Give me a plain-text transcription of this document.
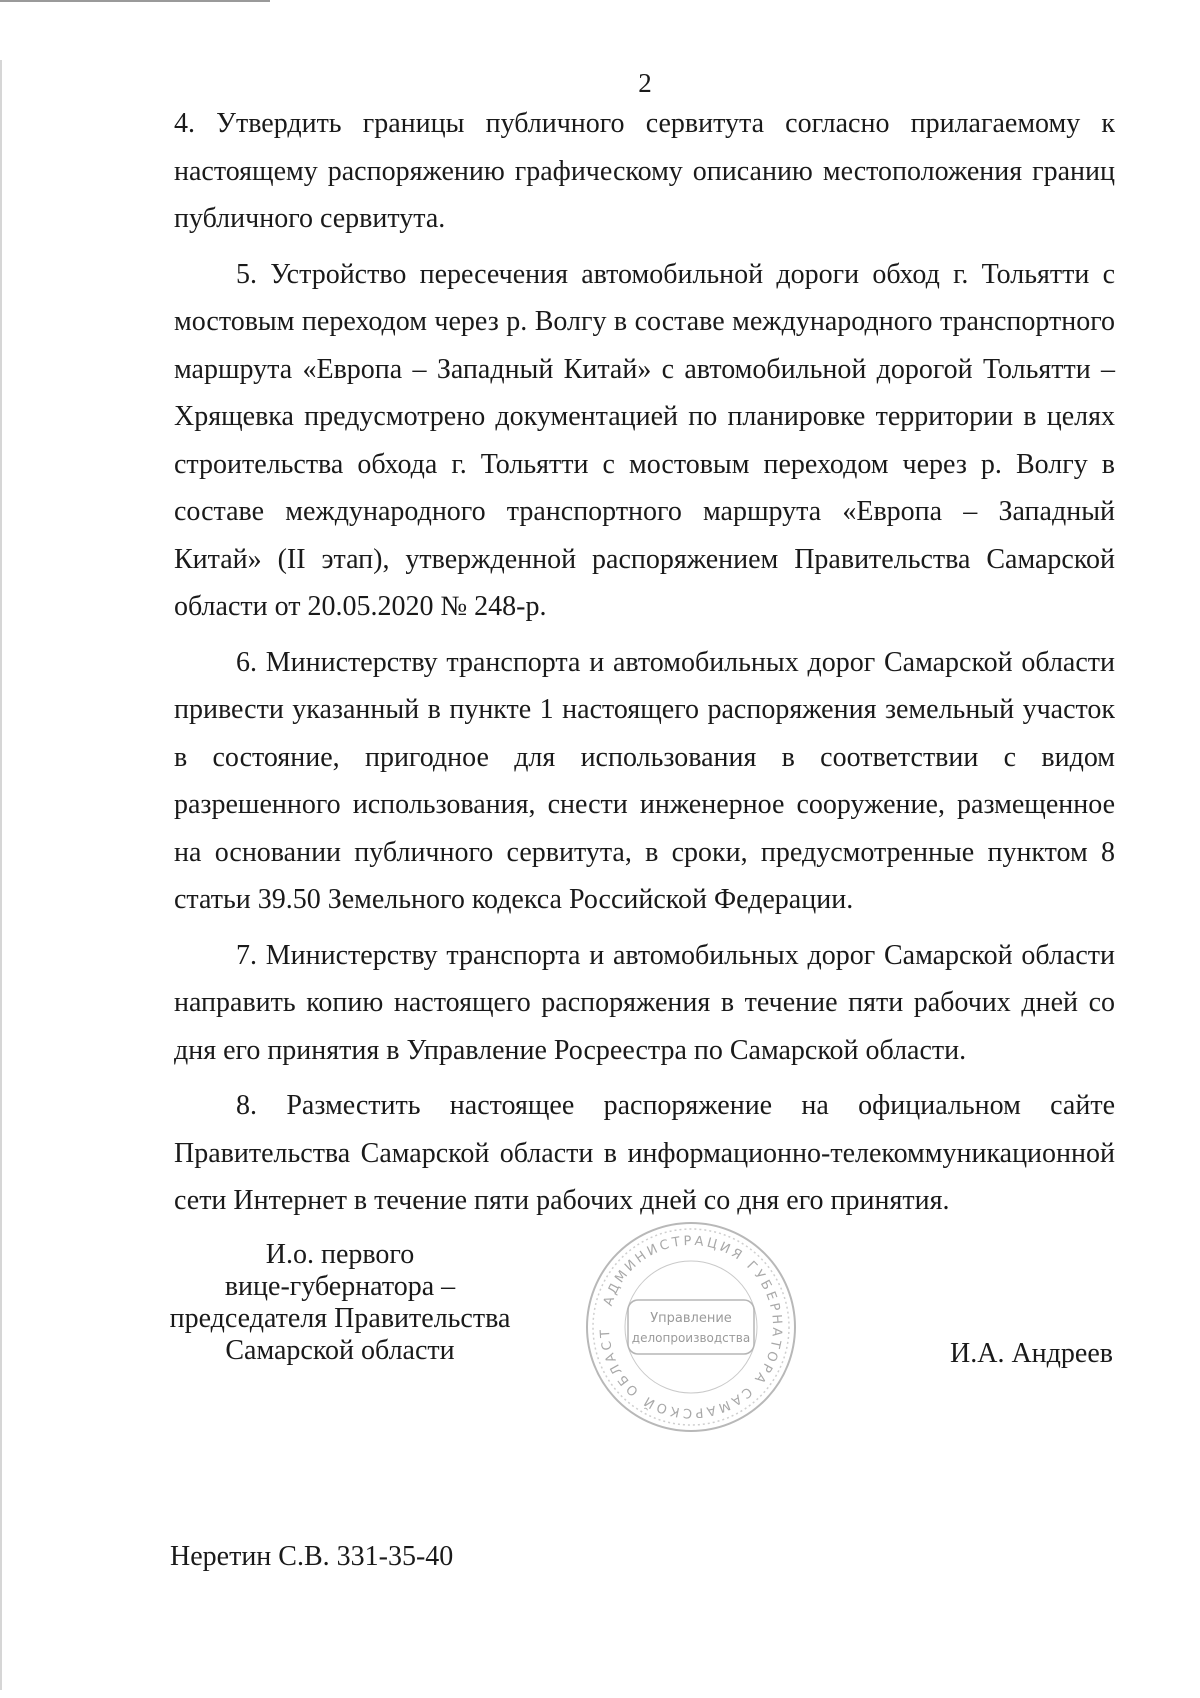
2

4. Утвердить границы публичного сервитута согласно прилагаемому к настоящему распоряжению графическому описанию местоположения границ публичного сервитута.

5. Устройство пересечения автомобильной дороги обход г. Тольятти с мостовым переходом через р. Волгу в составе международного транспортного маршрута «Европа – Западный Китай» с автомобильной дорогой Тольятти – Хрящевка предусмотрено документацией по планировке территории в целях строительства обхода г. Тольятти с мостовым переходом через р. Волгу в составе международного транспортного маршрута «Европа – Западный Китай» (II этап), утвержденной распоряжением Правительства Самарской области от 20.05.2020 № 248-р.

6. Министерству транспорта и автомобильных дорог Самарской области привести указанный в пункте 1 настоящего распоряжения земельный участок в состояние, пригодное для использования в соответствии с видом разрешенного использования, снести инженерное сооружение, размещенное на основании публичного сервитута, в сроки, предусмотренные пунктом 8 статьи 39.50 Земельного кодекса Российской Федерации.

7. Министерству транспорта и автомобильных дорог Самарской области направить копию настоящего распоряжения в течение пяти рабочих дней со дня его принятия в Управление Росреестра по Самарской области.

8. Разместить настоящее распоряжение на официальном сайте Правительства Самарской области в информационно-телекоммуникационной сети Интернет в течение пяти рабочих дней со дня его принятия.

И.о. первого
вице-губернатора –
председателя Правительства
Самарской области
АДМИНИСТРАЦИЯ ГУБЕРНАТОРА САМАРСКОЙ ОБЛАСТ
Управление
делопроизводства	И.А. Андреев
Неретин С.В. 331-35-40
